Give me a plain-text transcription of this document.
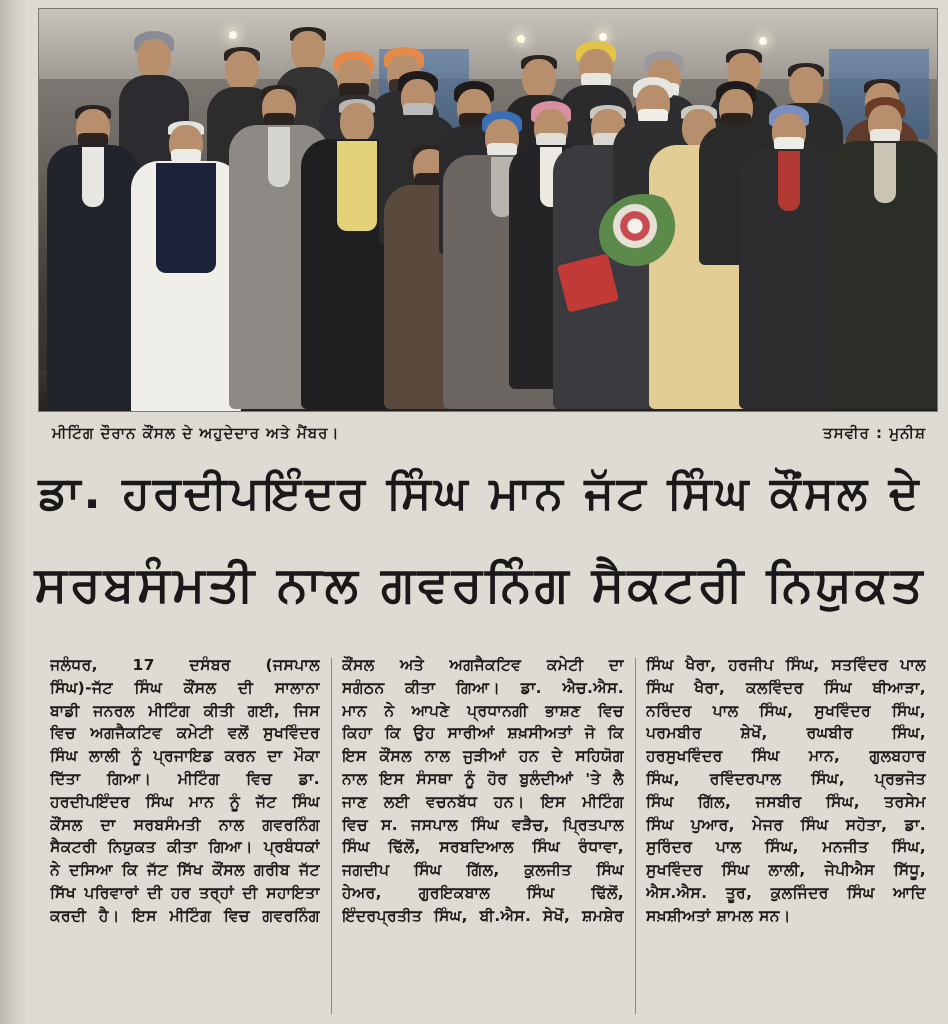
ਮੀਟਿੰਗ ਦੌਰਾਨ ਕੌਂਸਲ ਦੇ ਅਹੁਦੇਦਾਰ ਅਤੇ ਮੈਂਬਰ।	ਤਸਵੀਰ : ਮੁਨੀਸ਼
ਡਾ. ਹਰਦੀਪਇੰਦਰ ਸਿੰਘ ਮਾਨ ਜੱਟ ਸਿੰਘ ਕੌਂਸਲ ਦੇ
ਸਰਬਸੰਮਤੀ ਨਾਲ ਗਵਰਨਿੰਗ ਸੈਕਟਰੀ ਨਿਯੁਕਤ
ਜਲੰਧਰ, 17 ਦਸੰਬਰ (ਜਸਪਾਲ
ਸਿੰਘ)-ਜੱਟ ਸਿੰਘ ਕੌਂਸਲ ਦੀ ਸਾਲਾਨਾ
ਬਾਡੀ ਜਨਰਲ ਮੀਟਿੰਗ ਕੀਤੀ ਗਈ, ਜਿਸ
ਵਿਚ ਅਗਜੈਕਟਿਵ ਕਮੇਟੀ ਵਲੋਂ ਸੁਖਵਿੰਦਰ
ਸਿੰਘ ਲਾਲੀ ਨੂੰ ਪ੍ਰਜਾਇਡ ਕਰਨ ਦਾ ਮੌਕਾ
ਦਿੱਤਾ ਗਿਆ। ਮੀਟਿੰਗ ਵਿਚ ਡਾ.
ਹਰਦੀਪਇੰਦਰ ਸਿੰਘ ਮਾਨ ਨੂੰ ਜੱਟ ਸਿੰਘ
ਕੌਂਸਲ ਦਾ ਸਰਬਸੰਮਤੀ ਨਾਲ ਗਵਰਨਿੰਗ
ਸੈਕਟਰੀ ਨਿਯੁਕਤ ਕੀਤਾ ਗਿਆ। ਪ੍ਰਬੰਧਕਾਂ
ਨੇ ਦਸਿਆ ਕਿ ਜੱਟ ਸਿੱਖ ਕੌਂਸਲ ਗਰੀਬ ਜੱਟ
ਸਿੱਖ ਪਰਿਵਾਰਾਂ ਦੀ ਹਰ ਤਰ੍ਹਾਂ ਦੀ ਸਹਾਇਤਾ
ਕਰਦੀ ਹੈ। ਇਸ ਮੀਟਿੰਗ ਵਿਚ ਗਵਰਨਿੰਗ
ਕੌਂਸਲ ਅਤੇ ਅਗਜੈਕਟਿਵ ਕਮੇਟੀ ਦਾ
ਸਗੰਠਨ ਕੀਤਾ ਗਿਆ। ਡਾ. ਐਚ.ਐਸ.
ਮਾਨ ਨੇ ਆਪਣੇ ਪ੍ਰਧਾਨਗੀ ਭਾਸ਼ਣ ਵਿਚ
ਕਿਹਾ ਕਿ ਉਹ ਸਾਰੀਆਂ ਸ਼ਖ਼ਸੀਅਤਾਂ ਜੋ ਕਿ
ਇਸ ਕੌਂਸਲ ਨਾਲ ਜੁੜੀਆਂ ਹਨ ਦੇ ਸਹਿਯੋਗ
ਨਾਲ ਇਸ ਸੰਸਥਾ ਨੂੰ ਹੋਰ ਬੁਲੰਦੀਆਂ 'ਤੇ ਲੈ
ਜਾਣ ਲਈ ਵਚਨਬੱਧ ਹਨ। ਇਸ ਮੀਟਿੰਗ
ਵਿਚ ਸ. ਜਸਪਾਲ ਸਿੰਘ ਵੜੈਚ, ਪ੍ਰਿਤਪਾਲ
ਸਿੰਘ ਢਿੱਲੋਂ, ਸਰਬਦਿਆਲ ਸਿੰਘ ਰੰਧਾਵਾ,
ਜਗਦੀਪ ਸਿੰਘ ਗਿੱਲ, ਕੁਲਜੀਤ ਸਿੰਘ
ਹੇਅਰ, ਗੁਰਇਕਬਾਲ ਸਿੰਘ ਢਿੱਲੋਂ,
ਇੰਦਰਪ੍ਰਤੀਤ ਸਿੰਘ, ਬੀ.ਐਸ. ਸੇਖੋਂ, ਸ਼ਮਸ਼ੇਰ
ਸਿੰਘ ਖੈਰਾ, ਹਰਜੀਪ ਸਿੰਘ, ਸਤਵਿੰਦਰ ਪਾਲ
ਸਿੰਘ ਖੈਰਾ, ਕਲਵਿੰਦਰ ਸਿੰਘ ਥੀਆੜਾ,
ਨਰਿੰਦਰ ਪਾਲ ਸਿੰਘ, ਸੁਖਵਿੰਦਰ ਸਿੰਘ,
ਪਰਮਬੀਰ ਸ਼ੇਖੋਂ, ਰਘਬੀਰ ਸਿੰਘ,
ਹਰਸੁਖਵਿੰਦਰ ਸਿੰਘ ਮਾਨ, ਗੁਲਬਹਾਰ
ਸਿੰਘ, ਰਵਿੰਦਰਪਾਲ ਸਿੰਘ, ਪ੍ਰਭਜੋਤ
ਸਿੰਘ ਗਿੱਲ, ਜਸਬੀਰ ਸਿੰਘ, ਤਰਸੇਮ
ਸਿੰਘ ਪੁਆਰ, ਮੇਜਰ ਸਿੰਘ ਸਹੋਤਾ, ਡਾ.
ਸੁਰਿੰਦਰ ਪਾਲ ਸਿੰਘ, ਮਨਜੀਤ ਸਿੰਘ,
ਸੁਖਵਿੰਦਰ ਸਿੰਘ ਲਾਲੀ, ਜੇਪੀਐਸ ਸਿੱਧੂ,
ਐਸ.ਐਸ. ਤੂਰ, ਕੁਲਜਿੰਦਰ ਸਿੰਘ ਆਦਿ
ਸਖ਼ਸ਼ੀਅਤਾਂ ਸ਼ਾਮਲ ਸਨ।
